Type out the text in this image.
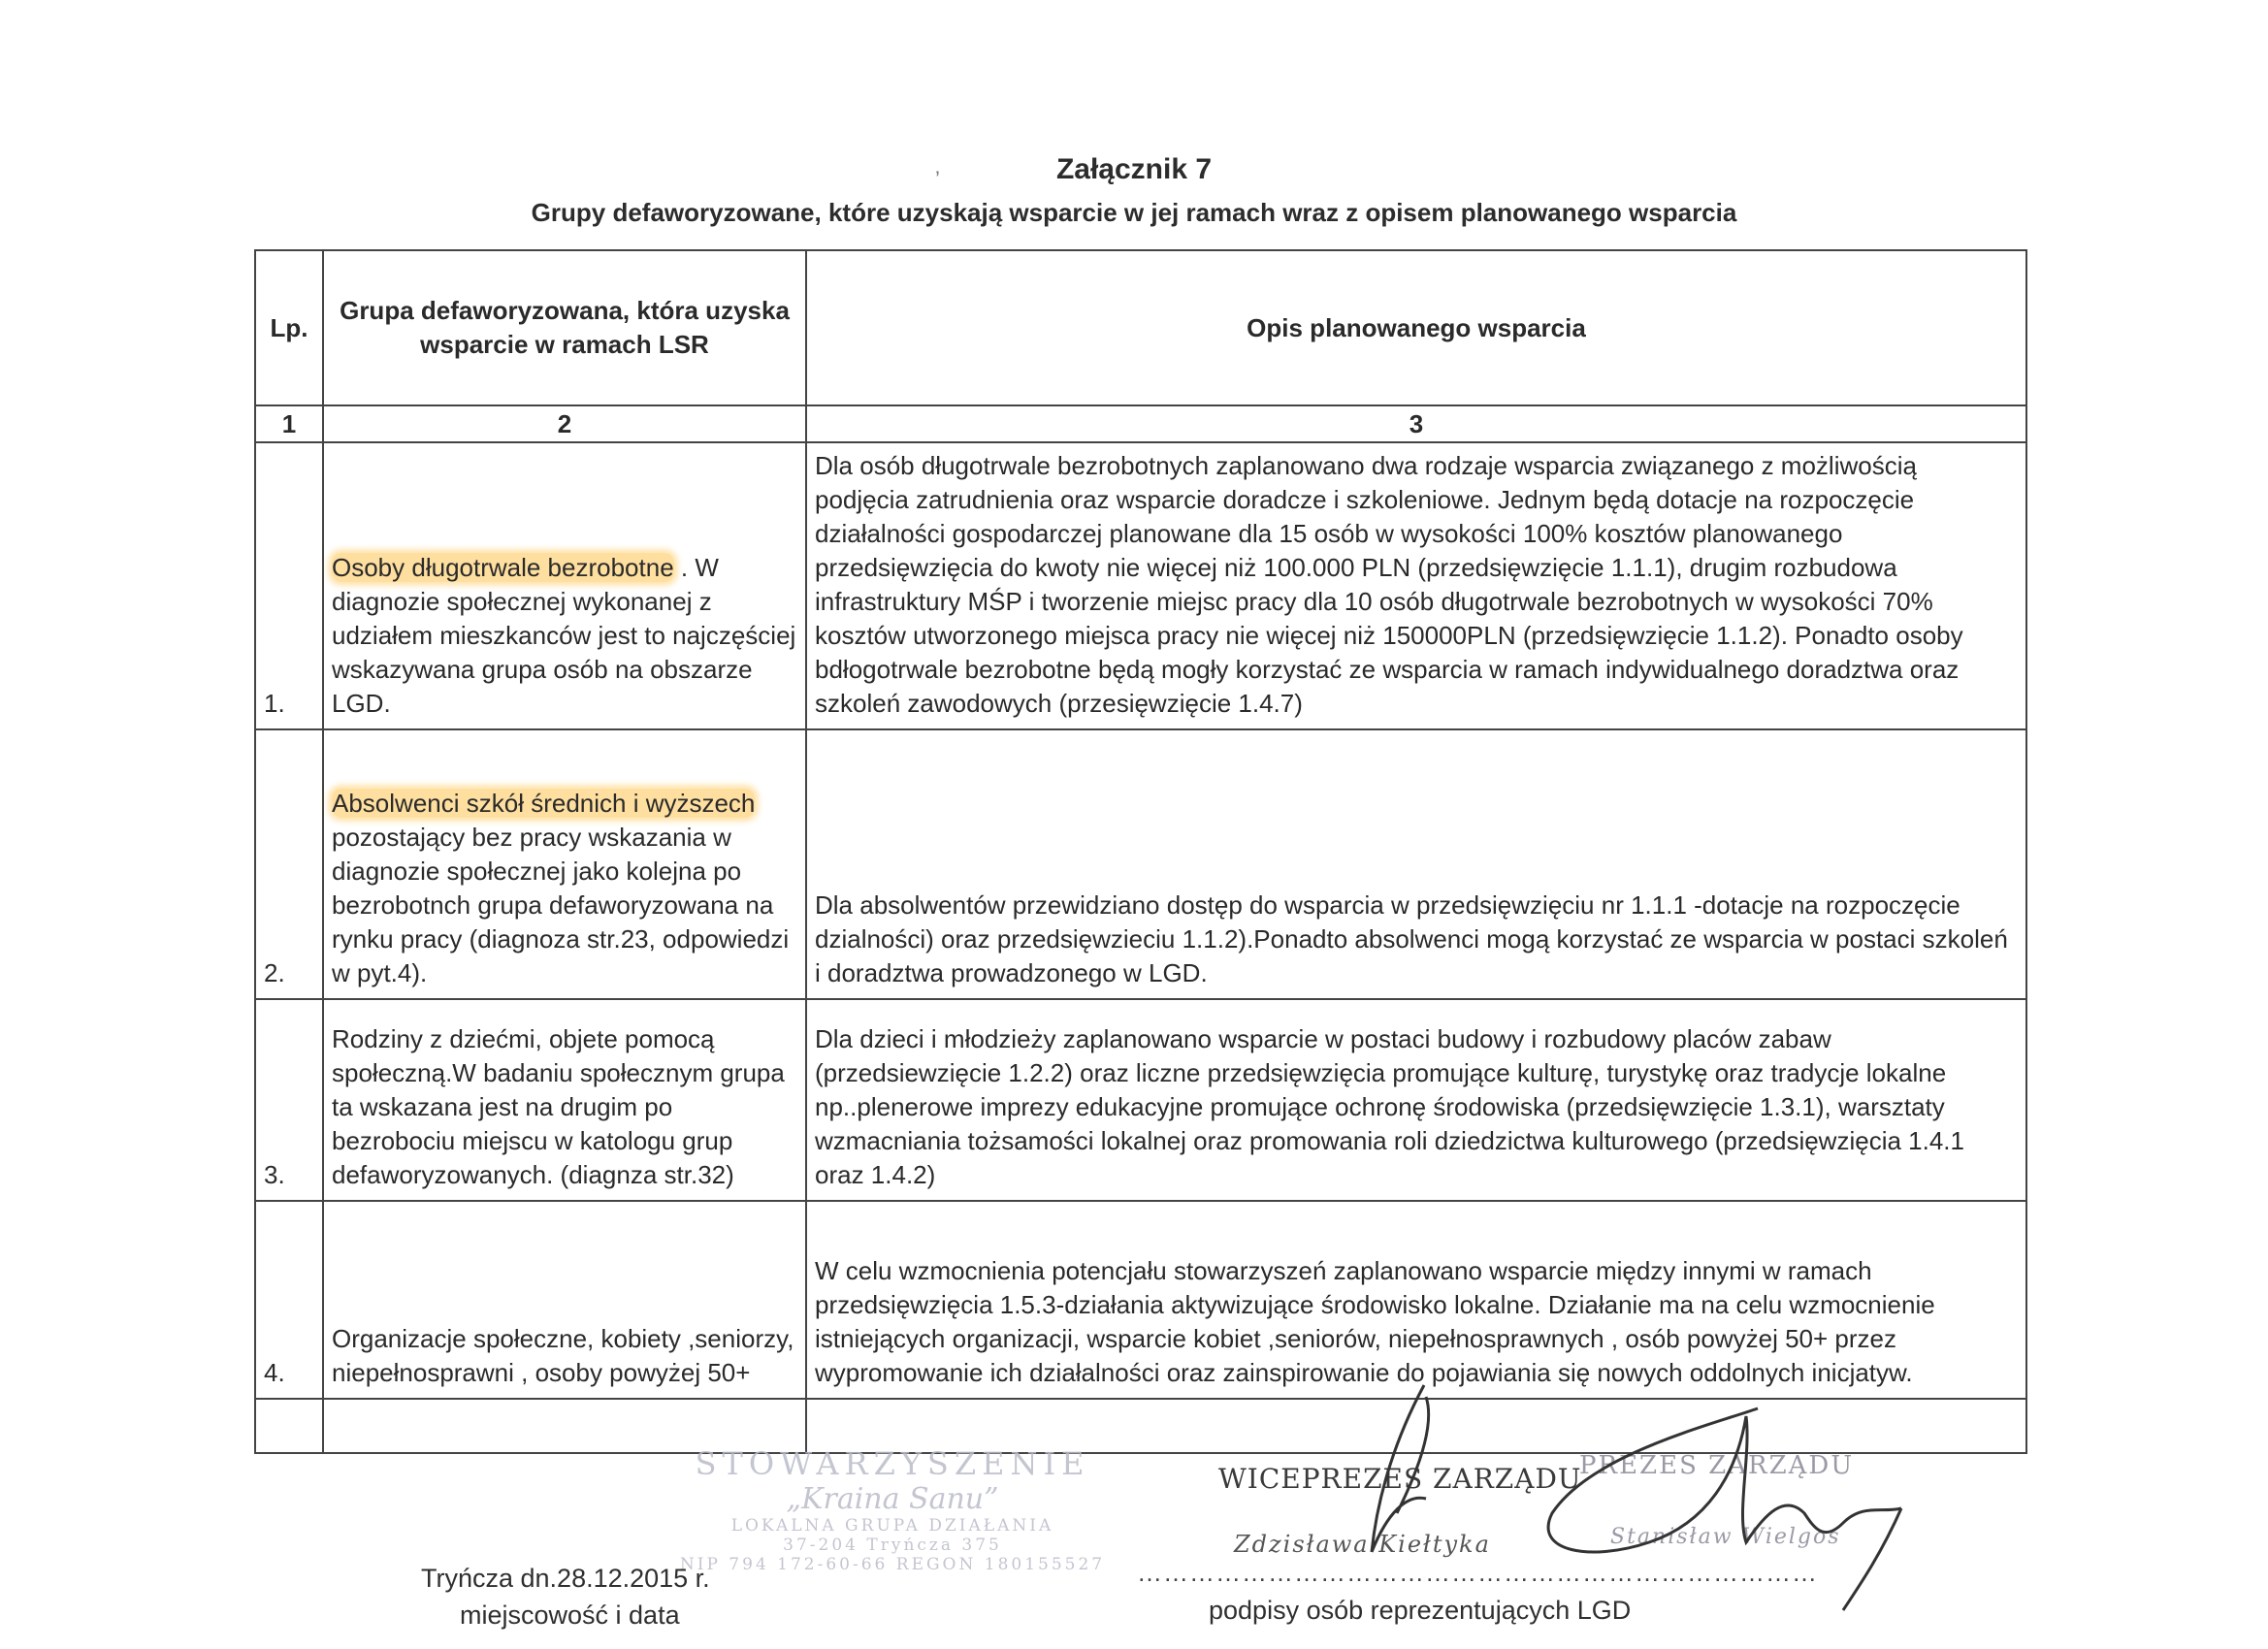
’	Załącznik 7
Grupy defaworyzowane, które uzyskają wsparcie w jej ramach wraz z opisem planowanego wsparcia
Lp.	Grupa defaworyzowana, która uzyska wsparcie w ramach LSR	Opis planowanego wsparcia
1	2	3
1.	Osoby długotrwale bezrobotne . W diagnozie społecznej wykonanej z udziałem mieszkanców jest to najczęściej wskazywana grupa osób na obszarze LGD.	Dla osób długotrwale bezrobotnych zaplanowano dwa rodzaje wsparcia związanego z możliwością podjęcia zatrudnienia oraz wsparcie doradcze i szkoleniowe. Jednym będą dotacje na rozpoczęcie działalności gospodarczej planowane dla 15 osób w wysokości 100% kosztów planowanego przedsięwzięcia do kwoty nie więcej niż 100.000 PLN (przedsięwzięcie 1.1.1), drugim rozbudowa infrastruktury MŚP i tworzenie miejsc pracy dla 10 osób długotrwale bezrobotnych w wysokości 70% kosztów utworzonego miejsca pracy nie więcej niż 150000PLN (przedsięwzięcie 1.1.2). Ponadto osoby bdłogotrwale bezrobotne będą mogły korzystać ze wsparcia w ramach indywidualnego doradztwa oraz szkoleń zawodowych (przesięwzięcie 1.4.7)
2.	Absolwenci szkół średnich i wyższech pozostający bez pracy wskazania w diagnozie społecznej jako kolejna po bezrobotnch grupa defaworyzowana na rynku pracy (diagnoza str.23, odpowiedzi w pyt.4).	Dla absolwentów przewidziano dostęp do wsparcia w przedsięwzięciu nr 1.1.1 -dotacje na rozpoczęcie dzialności) oraz przedsięwzieciu 1.1.2).Ponadto absolwenci mogą korzystać ze wsparcia w postaci szkoleń i doradztwa prowadzonego w LGD.
3.	Rodziny z dziećmi, objete pomocą społeczną.W badaniu społecznym grupa ta wskazana jest na drugim po bezrobociu miejscu w katologu grup defaworyzowanych. (diagnza str.32)	Dla dzieci i młodzieży zaplanowano wsparcie w postaci budowy i rozbudowy placów zabaw (przedsiewzięcie 1.2.2) oraz liczne przedsięwzięcia promujące kulturę, turystykę oraz tradycje lokalne np..plenerowe imprezy edukacyjne promujące ochronę środowiska (przedsięwzięcie 1.3.1), warsztaty wzmacniania tożsamości lokalnej oraz promowania roli dziedzictwa kulturowego (przedsięwzięcia 1.4.1 oraz 1.4.2)
4.	Organizacje społeczne, kobiety ,seniorzy, niepełnosprawni , osoby powyżej 50+	W celu wzmocnienia potencjału stowarzyszeń zaplanowano wsparcie między innymi w ramach przedsięwzięcia 1.5.3-działania aktywizujące środowisko lokalne. Działanie ma na celu wzmocnienie istniejących organizacji, wsparcie kobiet ,seniorów, niepełnosprawnych , osób powyżej 50+ przez wypromowanie ich działalności oraz zainspirowanie do pojawiania się nowych oddolnych inicjatyw.

STOWARZYSZENIE
„Kraina Sanu”
LOKALNA GRUPA DZIAŁANIA
37-204 Tryńcza 375
NIP 794 172-60-66 REGON 180155527
WICEPREZES ZARZĄDU
Zdzisława Kiełtyka
PREZES ZARZĄDU
Stanisław Wielgos
Tryńcza dn.28.12.2015 r.
miejscowość i data
……………………………………………………………………
podpisy osób reprezentujących LGD
